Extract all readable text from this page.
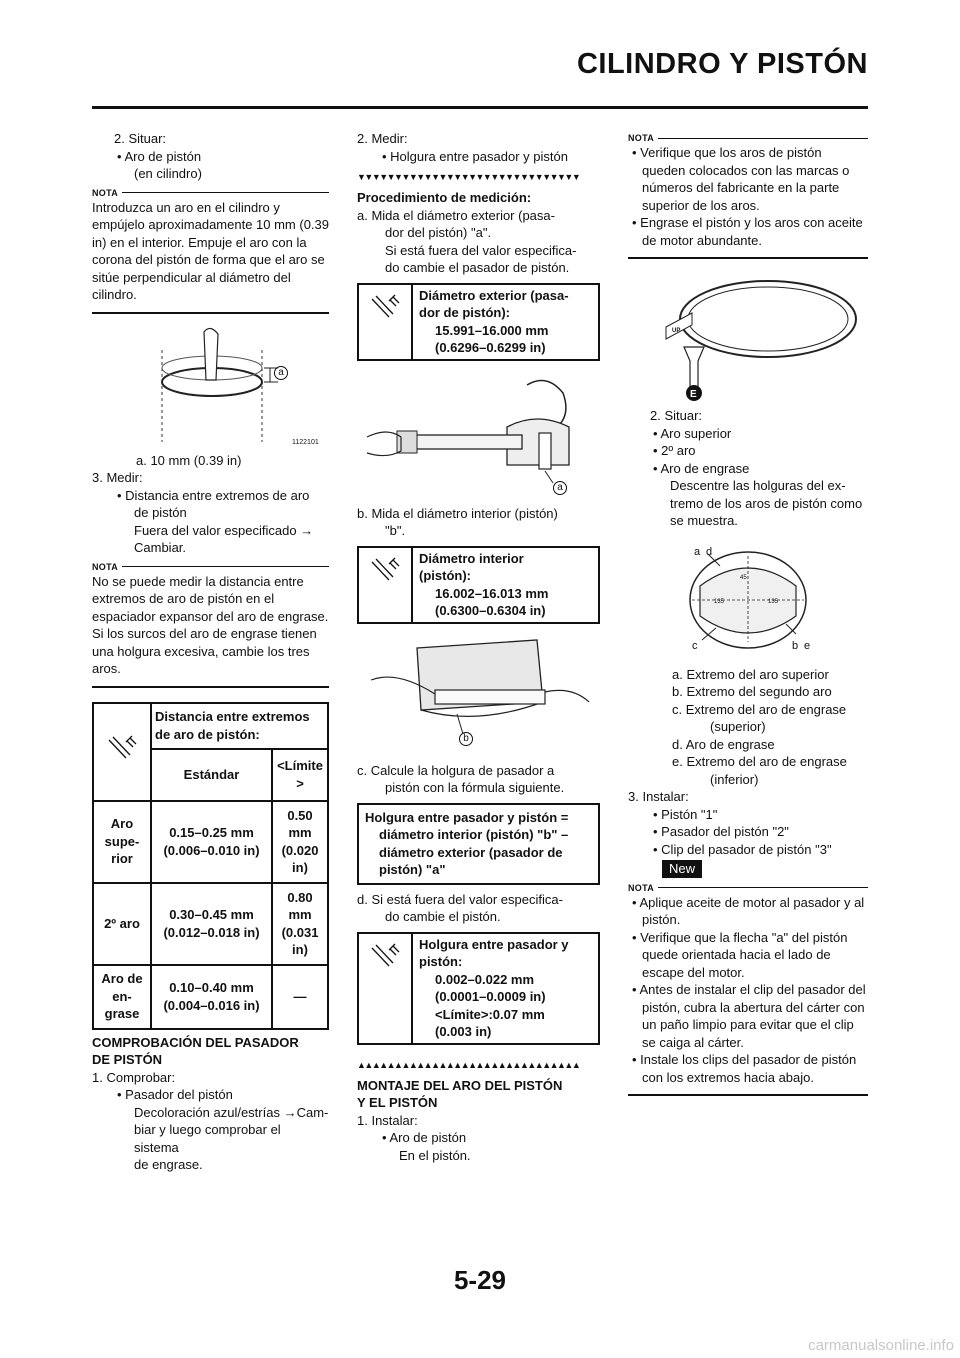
CILINDRO Y PISTÓN

2. Situar:

• Aro de pistón

(en cilindro)

NOTA

Introduzca un aro en el cilindro y empújelo aproximadamente 10 mm (0.39 in) en el interior. Empuje el aro con la corona del pistón de forma que el aro se sitúe perpendicular al diámetro del cilindro.

a
1122101

a. 10 mm (0.39 in)

3. Medir:

• Distancia entre extremos de aro

de pistón

Fuera del valor especificado →

Cambiar.

NOTA

No se puede medir la distancia entre extremos de aro de pistón en el espaciador expansor del aro de engrase. Si los surcos del aro de engrase tienen una holgura excesiva, cambie los tres aros.

	Distancia entre extremos de aro de pistón:	
	Estándar	<Límite >
Aro supe- rior	0.15–0.25 mm (0.006–0.010 in)	0.50 mm (0.020 in)
2º aro	0.30–0.45 mm (0.012–0.018 in)	0.80 mm (0.031 in)
Aro de en- grase	0.10–0.40 mm (0.004–0.016 in)	—

COMPROBACIÓN DEL PASADOR

DE PISTÓN

1. Comprobar:

• Pasador del pistón

Decoloración azul/estrías →Cam-

biar y luego comprobar el sistema

de engrase.

2. Medir:

• Holgura entre pasador y pistón

▼▼▼▼▼▼▼▼▼▼▼▼▼▼▼▼▼▼▼▼▼▼▼▼▼▼▼▼▼▼

Procedimiento de medición:

a. Mida el diámetro exterior (pasa-

dor del pistón) "a".

Si está fuera del valor especifica-

do cambie el pasador de pistón.

Diámetro exterior (pasa-
dor de pistón):
15.991–16.000 mm
(0.6296–0.6299 in)
a

b. Mida el diámetro interior (pistón)

"b".

Diámetro interior
(pistón):
16.002–16.013 mm
(0.6300–0.6304 in)
b

c. Calcule la holgura de pasador a

pistón con la fórmula siguiente.

Holgura entre pasador y pistón =
diámetro interior (pistón) "b" –
diámetro exterior (pasador de
pistón) "a"

d. Si está fuera del valor especifica-

do cambie el pistón.

Holgura entre pasador y
pistón:
0.002–0.022 mm
(0.0001–0.0009 in)
<Límite>:0.07 mm
(0.003 in)
▲▲▲▲▲▲▲▲▲▲▲▲▲▲▲▲▲▲▲▲▲▲▲▲▲▲▲▲▲▲

MONTAJE DEL ARO DEL PISTÓN

Y EL PISTÓN

1. Instalar:

• Aro de pistón

En el pistón.

NOTA

• Verifique que los aros de pistón queden colocados con las marcas o números del fabricante en la parte superior de los aros.

• Engrase el pistón y los aros con aceite de motor abundante.

UP
E

2. Situar:

• Aro superior

• 2º aro

• Aro de engrase

Descentre las holguras del ex-

tremo de los aros de pistón como

se muestra.

a d
c	b e
135	135
45

a. Extremo del aro superior

b. Extremo del segundo aro

c. Extremo del aro de engrase

(superior)

d. Aro de engrase

e. Extremo del aro de engrase

(inferior)

3. Instalar:

• Pistón "1"

• Pasador del pistón "2"

• Clip del pasador de pistón "3"

New
NOTA

• Aplique aceite de motor al pasador y al pistón.

• Verifique que la flecha "a" del pistón quede orientada hacia el lado de escape del motor.

• Antes de instalar el clip del pasador del pistón, cubra la abertura del cárter con un paño limpio para evitar que el clip se caiga al cárter.

• Instale los clips del pasador de pistón con los extremos hacia abajo.

5-29
carmanualsonline.info
